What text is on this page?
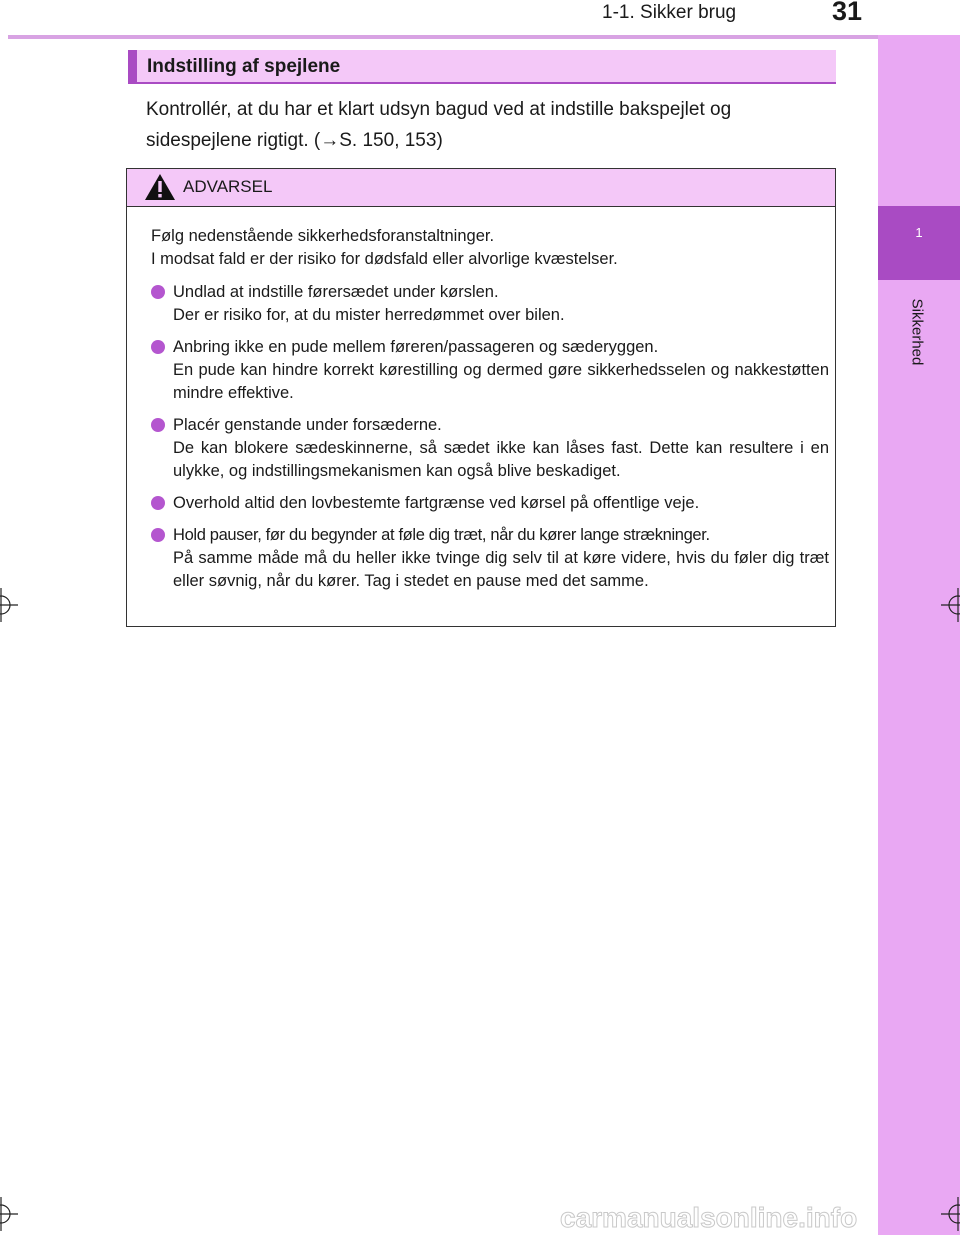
1
Sikkerhed
1-1. Sikker brug	31
Indstilling af spejlene
Kontrollér, at du har et klart udsyn bagud ved at indstille bakspejlet og
sidespejlene rigtigt. (→S. 150, 153)
ADVARSEL

Følg nedenstående sikkerhedsforanstaltninger.
I modsat fald er der risiko for dødsfald eller alvorlige kvæstelser.

Undlad at indstille førersædet under kørslen.
Der er risiko for, at du mister herredømmet over bilen.
Anbring ikke en pude mellem føreren/passageren og sæderyggen.
En pude kan hindre korrekt kørestilling og dermed gøre sikkerhedsselen og nakkestøtten mindre effektive.
Placér genstande under forsæderne.
De kan blokere sædeskinnerne, så sædet ikke kan låses fast. Dette kan resultere i en ulykke, og indstillingsmekanismen kan også blive beskadiget.
Overhold altid den lovbestemte fartgrænse ved kørsel på offentlige veje.
Hold pauser, før du begynder at føle dig træt, når du kører lange strækninger.
På samme måde må du heller ikke tvinge dig selv til at køre videre, hvis du føler dig træt eller søvnig, når du kører. Tag i stedet en pause med det samme.
carmanualsonline.info
